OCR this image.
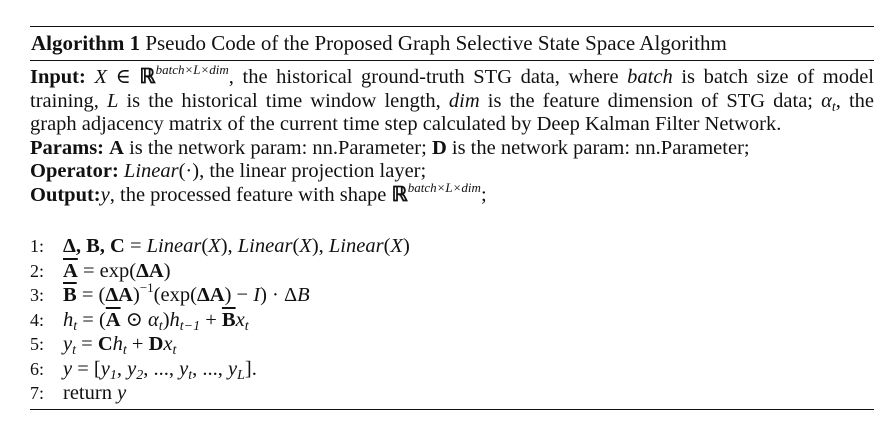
Algorithm 1 Pseudo Code of the Proposed Graph Selective State Space Algorithm

Input: X ∈ ℝ$^{batch\times L\times dim}$, the historical ground-truth STG data, where batch is batch size of model training, L is the historical time window length, dim is the feature dimension of STG data; $\alpha_t$, the graph adjacency matrix of the current time step calculated by Deep Kalman Filter Network.

Params: A is the network param: nn.Parameter; D is the network param: nn.Parameter;

Operator: Linear(·), the linear projection layer;

Output:y, the processed feature with shape ℝ$^{batch\times L\times dim}$;

1: Δ, B, C = Linear(X), Linear(X), Linear(X)
2: $\overline{A} = \exp(\Delta A)$
3: $\overline{B} = (\Delta A)^{-1}(\exp(\Delta A) - I) \cdot \Delta B$
4: $h_t = (\overline{A}$ ⊙ $\alpha_t)h_{t-1} + \overline{B}x_t$
5: $y_t = Ch_t + Dx_t$
6: $y = [y_1$, $y_2$, ..., $y_t$, ..., $y_L$].
7: return y
